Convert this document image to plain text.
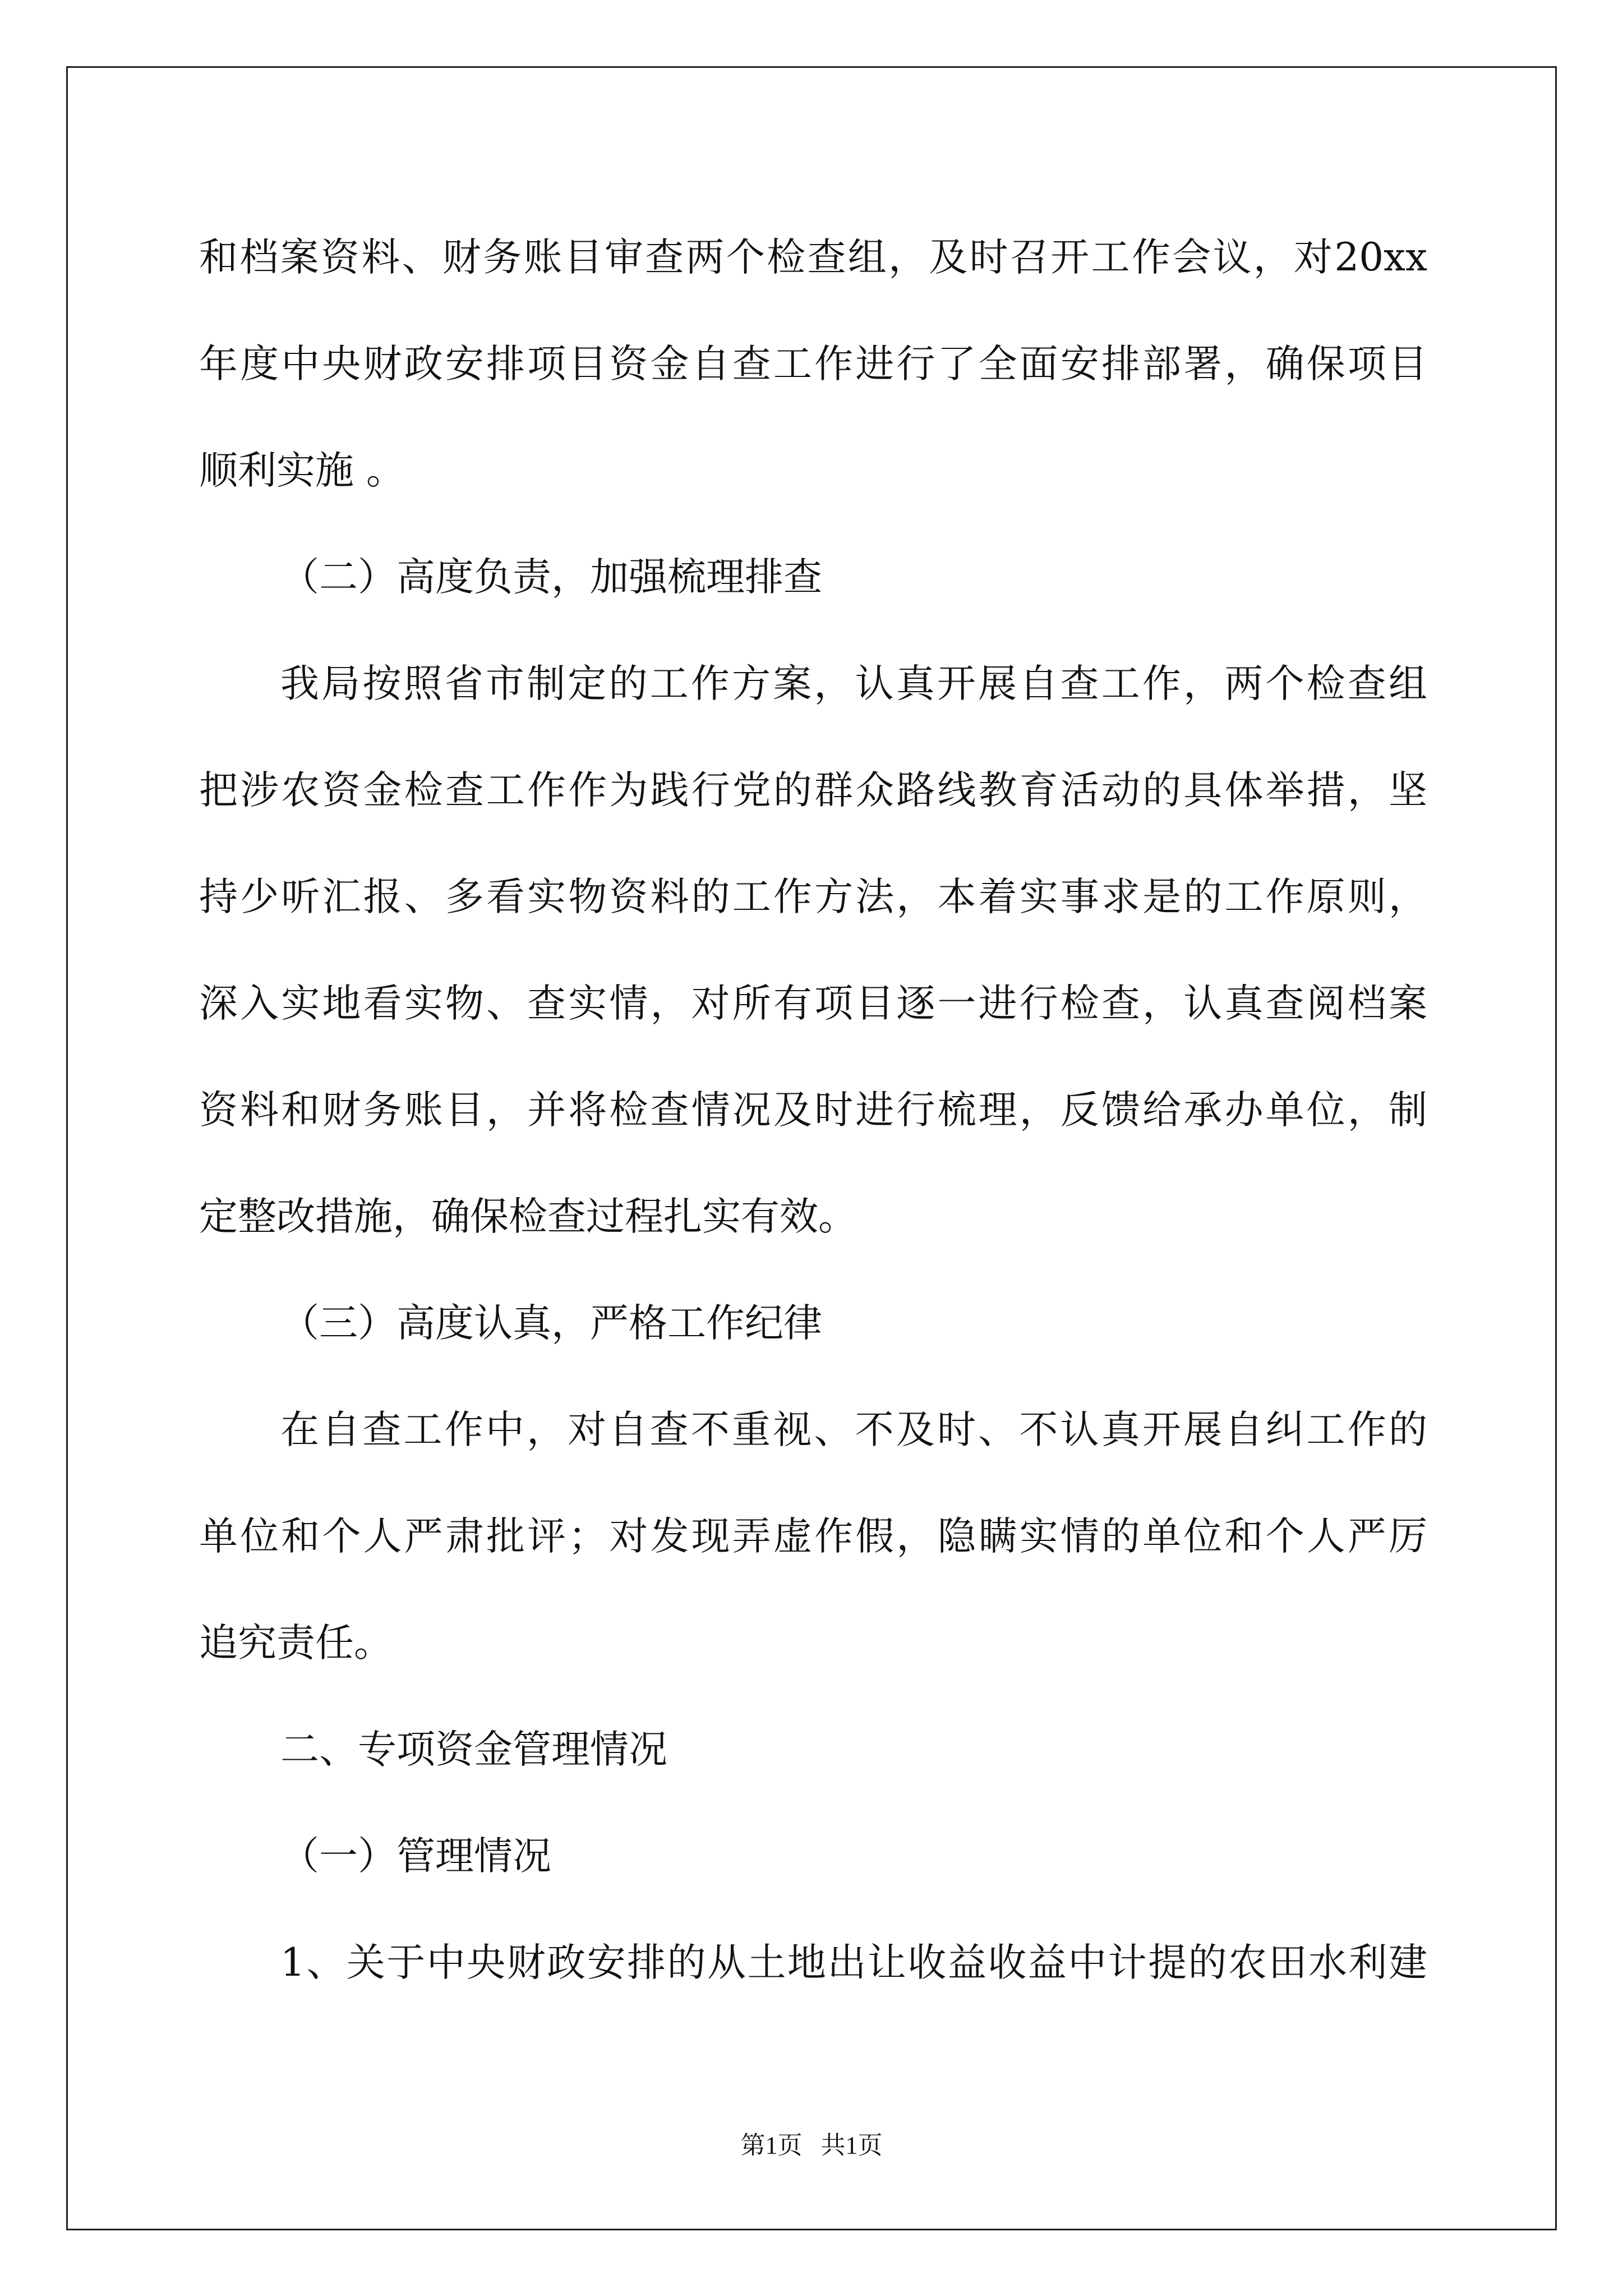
和档案资料、财务账目审查两个检查组，及时召开工作会议，对20xx
年度中央财政安排项目资金自查工作进行了全面安排部署，确保项目
顺利实施 。
（二）高度负责，加强梳理排查
我局按照省市制定的工作方案，认真开展自查工作，两个检查组
把涉农资金检查工作作为践行党的群众路线教育活动的具体举措，坚
持少听汇报、多看实物资料的工作方法，本着实事求是的工作原则，
深入实地看实物、查实情，对所有项目逐一进行检查，认真查阅档案
资料和财务账目，并将检查情况及时进行梳理，反馈给承办单位，制
定整改措施，确保检查过程扎实有效。
（三）高度认真，严格工作纪律
在自查工作中，对自查不重视、不及时、不认真开展自纠工作的
单位和个人严肃批评；对发现弄虚作假，隐瞒实情的单位和个人严厉
追究责任。
二、专项资金管理情况
（一）管理情况
1、关于中央财政安排的从土地出让收益收益中计提的农田水利建
第1页   共1页
